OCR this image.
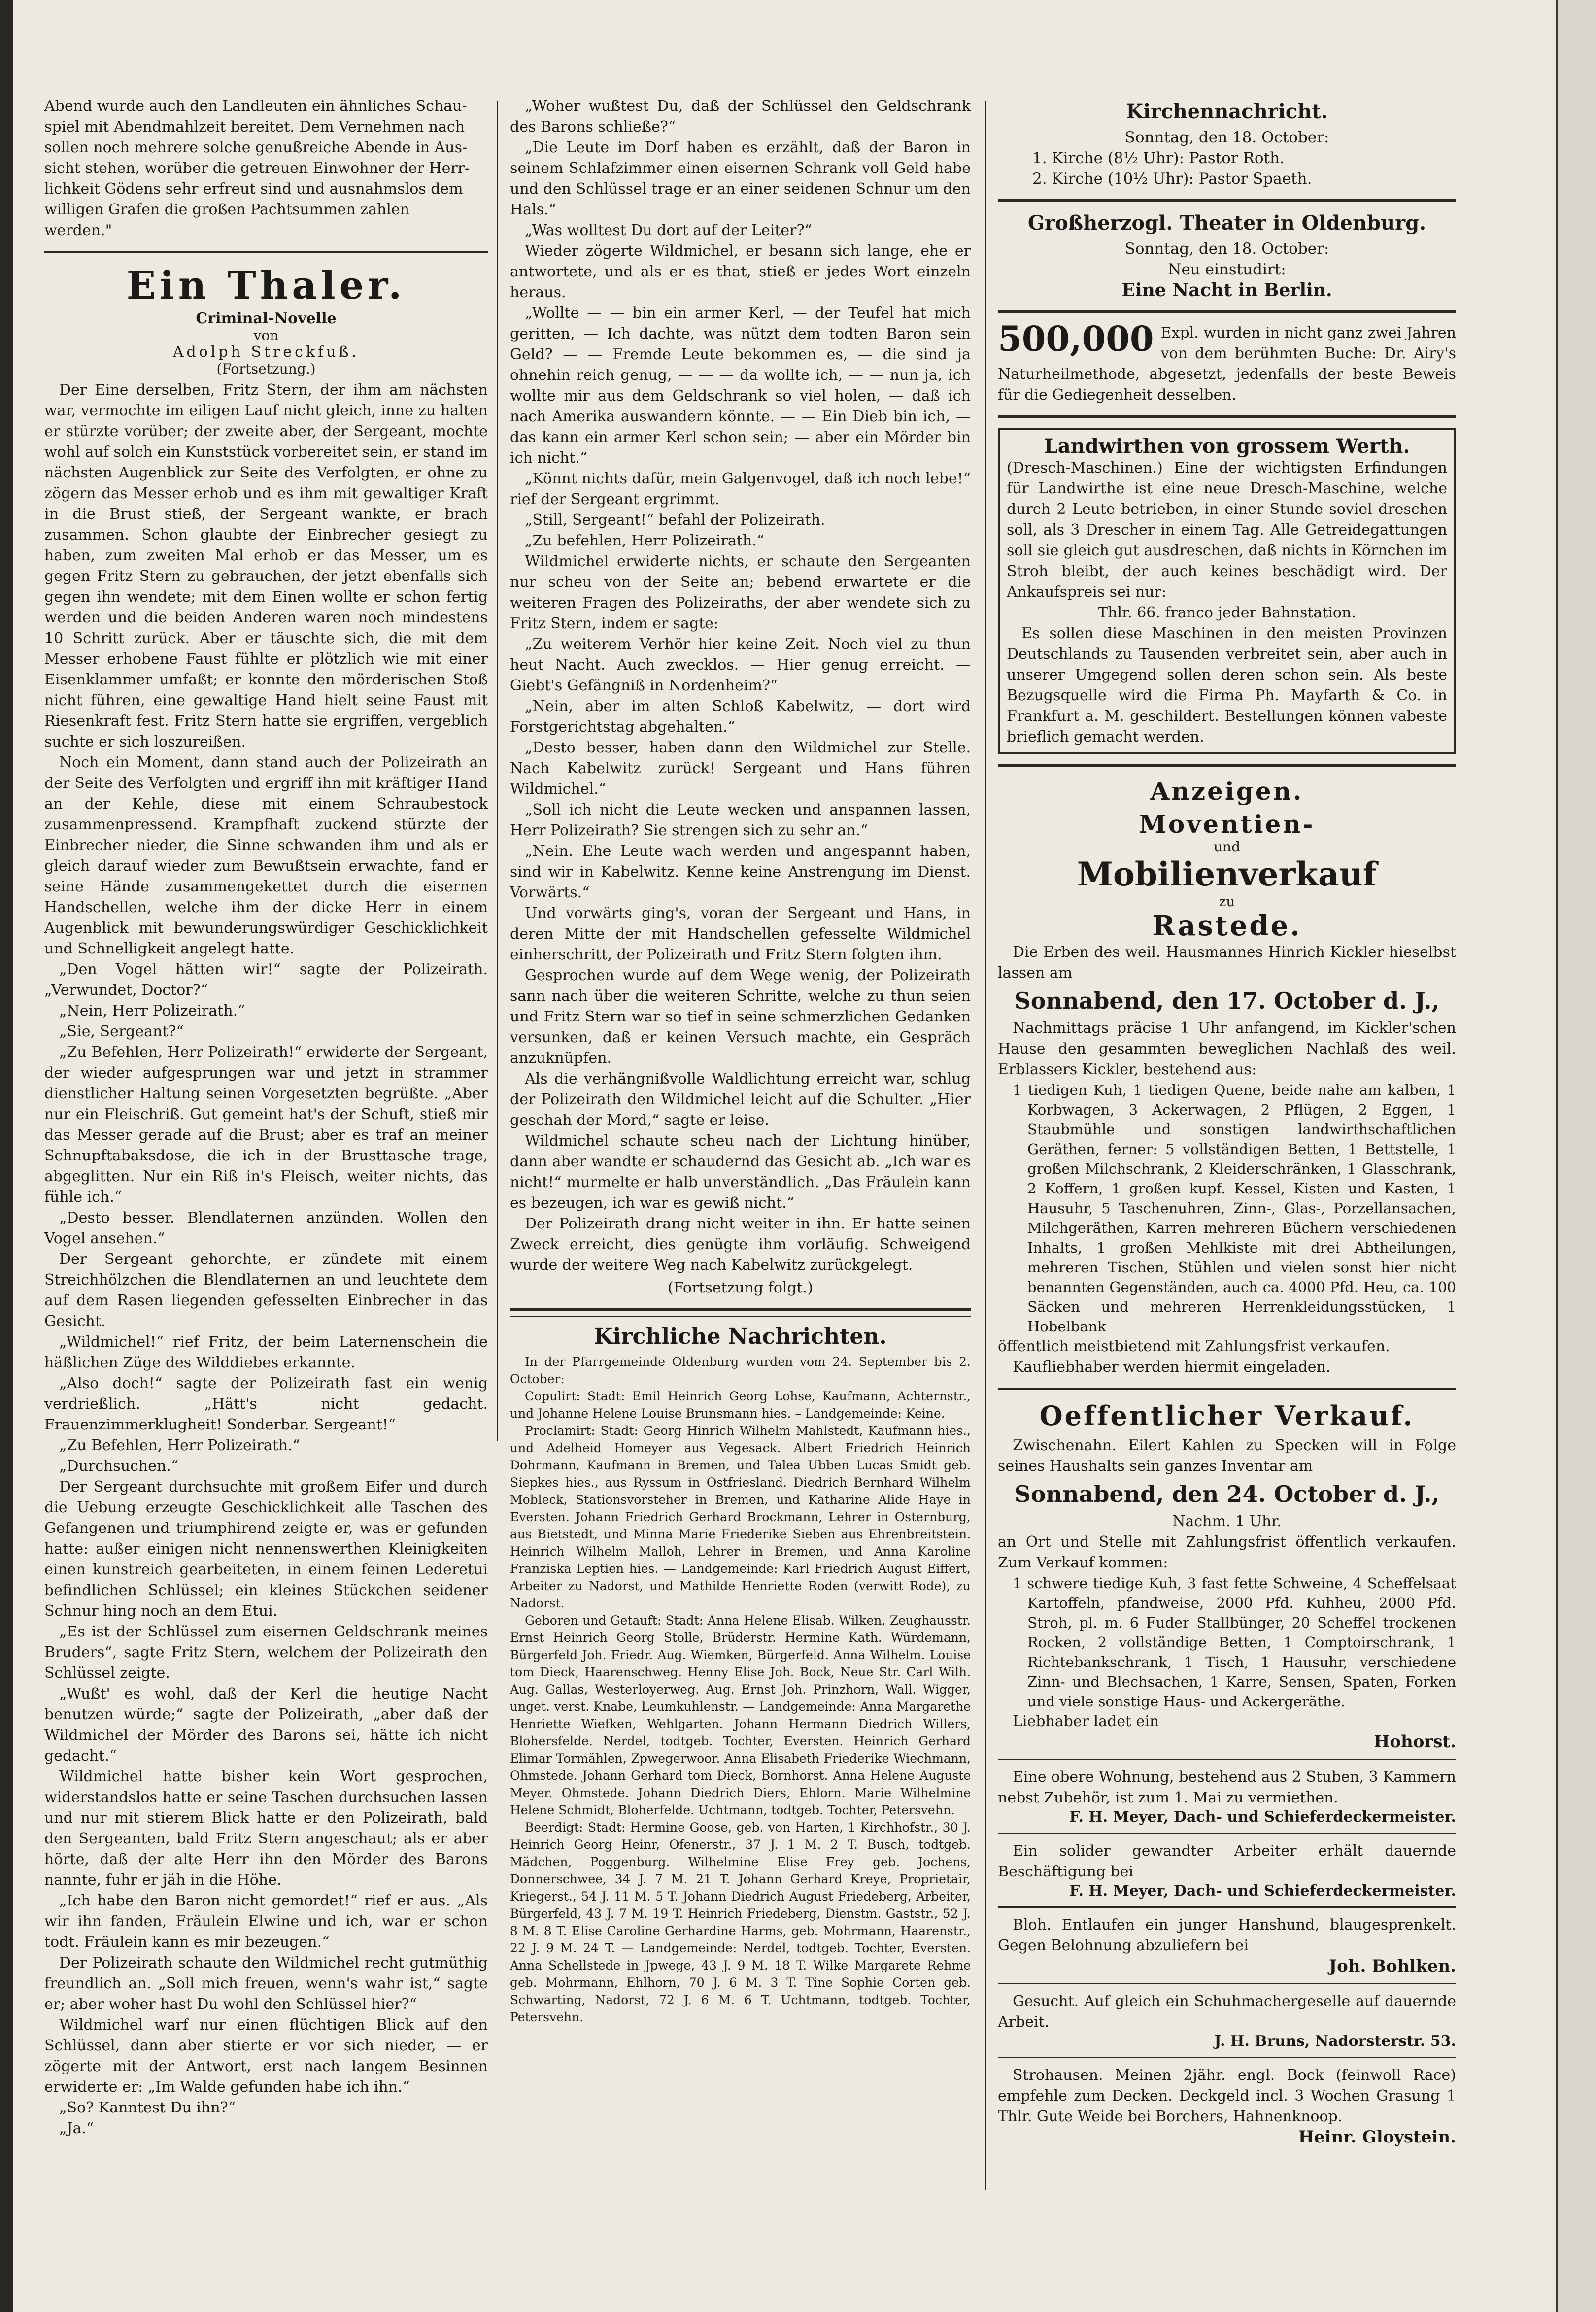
Abend wurde auch den Landleuten ein ähnliches Schau-

spiel mit Abendmahlzeit bereitet. Dem Vernehmen nach

sollen noch mehrere solche genußreiche Abende in Aus-

sicht stehen, worüber die getreuen Einwohner der Herr-

lichkeit Gödens sehr erfreut sind und ausnahmslos dem

willigen Grafen die großen Pachtsummen zahlen

werden."

Ein Thaler.

Criminal-Novelle

von

Adolph Streckfuß.

(Fortsetzung.)

Der Eine derselben, Fritz Stern, der ihm am nächsten war, vermochte im eiligen Lauf nicht gleich, inne zu halten er stürzte vorüber; der zweite aber, der Sergeant, mochte wohl auf solch ein Kunststück vorbereitet sein, er stand im nächsten Augenblick zur Seite des Verfolgten, er ohne zu zögern das Messer erhob und es ihm mit gewaltiger Kraft in die Brust stieß, der Sergeant wankte, er brach zusammen. Schon glaubte der Einbrecher gesiegt zu haben, zum zweiten Mal erhob er das Messer, um es gegen Fritz Stern zu gebrauchen, der jetzt ebenfalls sich gegen ihn wendete; mit dem Einen wollte er schon fertig werden und die beiden Anderen waren noch mindestens 10 Schritt zurück. Aber er täuschte sich, die mit dem Messer erhobene Faust fühlte er plötzlich wie mit einer Eisenklammer umfaßt; er konnte den mörderischen Stoß nicht führen, eine gewaltige Hand hielt seine Faust mit Riesenkraft fest. Fritz Stern hatte sie ergriffen, vergeblich suchte er sich loszureißen.

Noch ein Moment, dann stand auch der Polizeirath an der Seite des Verfolgten und ergriff ihn mit kräftiger Hand an der Kehle, diese mit einem Schraubestock zusammenpressend. Krampfhaft zuckend stürzte der Einbrecher nieder, die Sinne schwanden ihm und als er gleich darauf wieder zum Bewußtsein erwachte, fand er seine Hände zusammengekettet durch die eisernen Handschellen, welche ihm der dicke Herr in einem Augenblick mit bewunderungswürdiger Geschicklichkeit und Schnelligkeit angelegt hatte.

„Den Vogel hätten wir!“ sagte der Polizeirath. „Verwundet, Doctor?“

„Nein, Herr Polizeirath.“

„Sie, Sergeant?“

„Zu Befehlen, Herr Polizeirath!“ erwiderte der Sergeant, der wieder aufgesprungen war und jetzt in strammer dienstlicher Haltung seinen Vorgesetzten begrüßte. „Aber nur ein Fleischriß. Gut gemeint hat's der Schuft, stieß mir das Messer gerade auf die Brust; aber es traf an meiner Schnupftabaksdose, die ich in der Brusttasche trage, abgeglitten. Nur ein Riß in's Fleisch, weiter nichts, das fühle ich.“

„Desto besser. Blendlaternen anzünden. Wollen den Vogel ansehen.“

Der Sergeant gehorchte, er zündete mit einem Streichhölzchen die Blendlaternen an und leuchtete dem auf dem Rasen liegenden gefesselten Einbrecher in das Gesicht.

„Wildmichel!“ rief Fritz, der beim Laternenschein die häßlichen Züge des Wilddiebes erkannte.

„Also doch!“ sagte der Polizeirath fast ein wenig verdrießlich. „Hätt's nicht gedacht. Frauenzimmerklugheit! Sonderbar. Sergeant!“

„Zu Befehlen, Herr Polizeirath.“

„Durchsuchen.“

Der Sergeant durchsuchte mit großem Eifer und durch die Uebung erzeugte Geschicklichkeit alle Taschen des Gefangenen und triumphirend zeigte er, was er gefunden hatte: außer einigen nicht nennenswerthen Kleinigkeiten einen kunstreich gearbeiteten, in einem feinen Lederetui befindlichen Schlüssel; ein kleines Stückchen seidener Schnur hing noch an dem Etui.

„Es ist der Schlüssel zum eisernen Geldschrank meines Bruders“, sagte Fritz Stern, welchem der Polizeirath den Schlüssel zeigte.

„Wußt' es wohl, daß der Kerl die heutige Nacht benutzen würde;“ sagte der Polizeirath, „aber daß der Wildmichel der Mörder des Barons sei, hätte ich nicht gedacht.“

Wildmichel hatte bisher kein Wort gesprochen, widerstandslos hatte er seine Taschen durchsuchen lassen und nur mit stierem Blick hatte er den Polizeirath, bald den Sergeanten, bald Fritz Stern angeschaut; als er aber hörte, daß der alte Herr ihn den Mörder des Barons nannte, fuhr er jäh in die Höhe.

„Ich habe den Baron nicht gemordet!“ rief er aus. „Als wir ihn fanden, Fräulein Elwine und ich, war er schon todt. Fräulein kann es mir bezeugen.“

Der Polizeirath schaute den Wildmichel recht gutmüthig freundlich an. „Soll mich freuen, wenn's wahr ist,“ sagte er; aber woher hast Du wohl den Schlüssel hier?“

Wildmichel warf nur einen flüchtigen Blick auf den Schlüssel, dann aber stierte er vor sich nieder, — er zögerte mit der Antwort, erst nach langem Besinnen erwiderte er: „Im Walde gefunden habe ich ihn.“

„So? Kanntest Du ihn?“

„Ja.“

„Woher wußtest Du, daß der Schlüssel den Geldschrank des Barons schließe?“

„Die Leute im Dorf haben es erzählt, daß der Baron in seinem Schlafzimmer einen eisernen Schrank voll Geld habe und den Schlüssel trage er an einer seidenen Schnur um den Hals.“

„Was wolltest Du dort auf der Leiter?“

Wieder zögerte Wildmichel, er besann sich lange, ehe er antwortete, und als er es that, stieß er jedes Wort einzeln heraus.

„Wollte — — bin ein armer Kerl, — der Teufel hat mich geritten, — Ich dachte, was nützt dem todten Baron sein Geld? — — Fremde Leute bekommen es, — die sind ja ohnehin reich genug, — — — da wollte ich, — — nun ja, ich wollte mir aus dem Geldschrank so viel holen, — daß ich nach Amerika auswandern könnte. — — Ein Dieb bin ich, — das kann ein armer Kerl schon sein; — aber ein Mörder bin ich nicht.“

„Könnt nichts dafür, mein Galgenvogel, daß ich noch lebe!“ rief der Sergeant ergrimmt.

„Still, Sergeant!“ befahl der Polizeirath.

„Zu befehlen, Herr Polizeirath.“

Wildmichel erwiderte nichts, er schaute den Sergeanten nur scheu von der Seite an; bebend erwartete er die weiteren Fragen des Polizeiraths, der aber wendete sich zu Fritz Stern, indem er sagte:

„Zu weiterem Verhör hier keine Zeit. Noch viel zu thun heut Nacht. Auch zwecklos. — Hier genug erreicht. — Giebt's Gefängniß in Nordenheim?“

„Nein, aber im alten Schloß Kabelwitz, — dort wird Forstgerichtstag abgehalten.“

„Desto besser, haben dann den Wildmichel zur Stelle. Nach Kabelwitz zurück! Sergeant und Hans führen Wildmichel.“

„Soll ich nicht die Leute wecken und anspannen lassen, Herr Polizeirath? Sie strengen sich zu sehr an.“

„Nein. Ehe Leute wach werden und angespannt haben, sind wir in Kabelwitz. Kenne keine Anstrengung im Dienst. Vorwärts.“

Und vorwärts ging's, voran der Sergeant und Hans, in deren Mitte der mit Handschellen gefesselte Wildmichel einherschritt, der Polizeirath und Fritz Stern folgten ihm.

Gesprochen wurde auf dem Wege wenig, der Polizeirath sann nach über die weiteren Schritte, welche zu thun seien und Fritz Stern war so tief in seine schmerzlichen Gedanken versunken, daß er keinen Versuch machte, ein Gespräch anzuknüpfen.

Als die verhängnißvolle Waldlichtung erreicht war, schlug der Polizeirath den Wildmichel leicht auf die Schulter. „Hier geschah der Mord,“ sagte er leise.

Wildmichel schaute scheu nach der Lichtung hinüber, dann aber wandte er schaudernd das Gesicht ab. „Ich war es nicht!“ murmelte er halb unverständlich. „Das Fräulein kann es bezeugen, ich war es gewiß nicht.“

Der Polizeirath drang nicht weiter in ihn. Er hatte seinen Zweck erreicht, dies genügte ihm vorläufig. Schweigend wurde der weitere Weg nach Kabelwitz zurückgelegt.

(Fortsetzung folgt.)

Kirchliche Nachrichten.

In der Pfarrgemeinde Oldenburg wurden vom 24. September bis 2. October:

Copulirt: Stadt: Emil Heinrich Georg Lohse, Kaufmann, Achternstr., und Johanne Helene Louise Brunsmann hies. – Landgemeinde: Keine.

Proclamirt: Stadt: Georg Hinrich Wilhelm Mahlstedt, Kaufmann hies., und Adelheid Homeyer aus Vegesack. Albert Friedrich Heinrich Dohrmann, Kaufmann in Bremen, und Talea Ubben Lucas Smidt geb. Siepkes hies., aus Ryssum in Ostfriesland. Diedrich Bernhard Wilhelm Mobleck, Stationsvorsteher in Bremen, und Katharine Alide Haye in Eversten. Johann Friedrich Gerhard Brockmann, Lehrer in Osternburg, aus Bietstedt, und Minna Marie Friederike Sieben aus Ehrenbreitstein. Heinrich Wilhelm Malloh, Lehrer in Bremen, und Anna Karoline Franziska Leptien hies. — Landgemeinde: Karl Friedrich August Eiffert, Arbeiter zu Nadorst, und Mathilde Henriette Roden (verwitt Rode), zu Nadorst.

Geboren und Getauft: Stadt: Anna Helene Elisab. Wilken, Zeughausstr. Ernst Heinrich Georg Stolle, Brüderstr. Hermine Kath. Würdemann, Bürgerfeld Joh. Friedr. Aug. Wiemken, Bürgerfeld. Anna Wilhelm. Louise tom Dieck, Haarenschweg. Henny Elise Joh. Bock, Neue Str. Carl Wilh. Aug. Gallas, Westerloyerweg. Aug. Ernst Joh. Prinzhorn, Wall. Wigger, unget. verst. Knabe, Leumkuhlenstr. — Landgemeinde: Anna Margarethe Henriette Wiefken, Wehlgarten. Johann Hermann Diedrich Willers, Blohersfelde. Nerdel, todtgeb. Tochter, Eversten. Heinrich Gerhard Elimar Tormählen, Zpwegerwoor. Anna Elisabeth Friederike Wiechmann, Ohmstede. Johann Gerhard tom Dieck, Bornhorst. Anna Helene Auguste Meyer. Ohmstede. Johann Diedrich Diers, Ehlorn. Marie Wilhelmine Helene Schmidt, Bloherfelde. Uchtmann, todtgeb. Tochter, Petersvehn.

Beerdigt: Stadt: Hermine Goose, geb. von Harten, 1 Kirchhofstr., 30 J. Heinrich Georg Heinr, Ofenerstr., 37 J. 1 M. 2 T. Busch, todtgeb. Mädchen, Poggenburg. Wilhelmine Elise Frey geb. Jochens, Donnerschwee, 34 J. 7 M. 21 T. Johann Gerhard Kreye, Proprietair, Kriegerst., 54 J. 11 M. 5 T. Johann Diedrich August Friedeberg, Arbeiter, Bürgerfeld, 43 J. 7 M. 19 T. Heinrich Friedeberg, Dienstm. Gaststr., 52 J. 8 M. 8 T. Elise Caroline Gerhardine Harms, geb. Mohrmann, Haarenstr., 22 J. 9 M. 24 T. — Landgemeinde: Nerdel, todtgeb. Tochter, Eversten. Anna Schellstede in Jpwege, 43 J. 9 M. 18 T. Wilke Margarete Rehme geb. Mohrmann, Ehlhorn, 70 J. 6 M. 3 T. Tine Sophie Corten geb. Schwarting, Nadorst, 72 J. 6 M. 6 T. Uchtmann, todtgeb. Tochter, Petersvehn.

Kirchennachricht.

Sonntag, den 18. October:

1. Kirche (8½ Uhr): Pastor Roth.

2. Kirche (10½ Uhr): Pastor Spaeth.

Großherzogl. Theater in Oldenburg.

Sonntag, den 18. October:

Neu einstudirt:

Eine Nacht in Berlin.

500,000 Expl. wurden in nicht ganz zwei Jahren von dem berühmten Buche: Dr. Airy's Naturheilmethode, abgesetzt, jedenfalls der beste Beweis für die Gediegenheit desselben.

Landwirthen von grossem Werth.

(Dresch-Maschinen.) Eine der wichtigsten Erfindungen für Landwirthe ist eine neue Dresch-Maschine, welche durch 2 Leute betrieben, in einer Stunde soviel dreschen soll, als 3 Drescher in einem Tag. Alle Getreidegattungen soll sie gleich gut ausdreschen, daß nichts in Körnchen im Stroh bleibt, der auch keines beschädigt wird. Der Ankaufspreis sei nur:

Thlr. 66. franco jeder Bahnstation.

Es sollen diese Maschinen in den meisten Provinzen Deutschlands zu Tausenden verbreitet sein, aber auch in unserer Umgegend sollen deren schon sein. Als beste Bezugsquelle wird die Firma Ph. Mayfarth & Co. in Frankfurt a. M. geschildert. Bestellungen können vabeste brieflich gemacht werden.

Anzeigen.
Moventien-

und

Mobilienverkauf

zu

Rastede.

Die Erben des weil. Hausmannes Hinrich Kickler hieselbst lassen am

Sonnabend, den 17. October d. J.,

Nachmittags präcise 1 Uhr anfangend, im Kickler'schen Hause den gesammten beweglichen Nachlaß des weil. Erblassers Kickler, bestehend aus:

1 tiedigen Kuh, 1 tiedigen Quene, beide nahe am kalben, 1 Korbwagen, 3 Ackerwagen, 2 Pflügen, 2 Eggen, 1 Staubmühle und sonstigen landwirthschaftlichen Geräthen, ferner: 5 vollständigen Betten, 1 Bettstelle, 1 großen Milchschrank, 2 Kleiderschränken, 1 Glasschrank, 2 Koffern, 1 großen kupf. Kessel, Kisten und Kasten, 1 Hausuhr, 5 Taschenuhren, Zinn-, Glas-, Porzellansachen, Milchgeräthen, Karren mehreren Büchern verschiedenen Inhalts, 1 großen Mehlkiste mit drei Abtheilungen, mehreren Tischen, Stühlen und vielen sonst hier nicht benannten Gegenständen, auch ca. 4000 Pfd. Heu, ca. 100 Säcken und mehreren Herrenkleidungsstücken, 1 Hobelbank

öffentlich meistbietend mit Zahlungsfrist verkaufen.

Kaufliebhaber werden hiermit eingeladen.

Oeffentlicher Verkauf.

Zwischenahn. Eilert Kahlen zu Specken will in Folge seines Haushalts sein ganzes Inventar am

Sonnabend, den 24. October d. J.,

Nachm. 1 Uhr.

an Ort und Stelle mit Zahlungsfrist öffentlich verkaufen. Zum Verkauf kommen:

1 schwere tiedige Kuh, 3 fast fette Schweine, 4 Scheffelsaat Kartoffeln, pfandweise, 2000 Pfd. Kuhheu, 2000 Pfd. Stroh, pl. m. 6 Fuder Stallbünger, 20 Scheffel trockenen Rocken, 2 vollständige Betten, 1 Comptoirschrank, 1 Richtebankschrank, 1 Tisch, 1 Hausuhr, verschiedene Zinn- und Blechsachen, 1 Karre, Sensen, Spaten, Forken und viele sonstige Haus- und Ackergeräthe.

Liebhaber ladet ein

Hohorst.

Eine obere Wohnung, bestehend aus 2 Stuben, 3 Kammern nebst Zubehör, ist zum 1. Mai zu vermiethen.

F. H. Meyer, Dach- und Schieferdeckermeister.

Ein solider gewandter Arbeiter erhält dauernde Beschäftigung bei

F. H. Meyer, Dach- und Schieferdeckermeister.

Bloh. Entlaufen ein junger Hanshund, blaugesprenkelt. Gegen Belohnung abzuliefern bei

Joh. Bohlken.

Gesucht. Auf gleich ein Schuhmachergeselle auf dauernde Arbeit.

J. H. Bruns, Nadorsterstr. 53.

Strohausen. Meinen 2jähr. engl. Bock (feinwoll Race) empfehle zum Decken. Deckgeld incl. 3 Wochen Grasung 1 Thlr. Gute Weide bei Borchers, Hahnenknoop.

Heinr. Gloystein.
